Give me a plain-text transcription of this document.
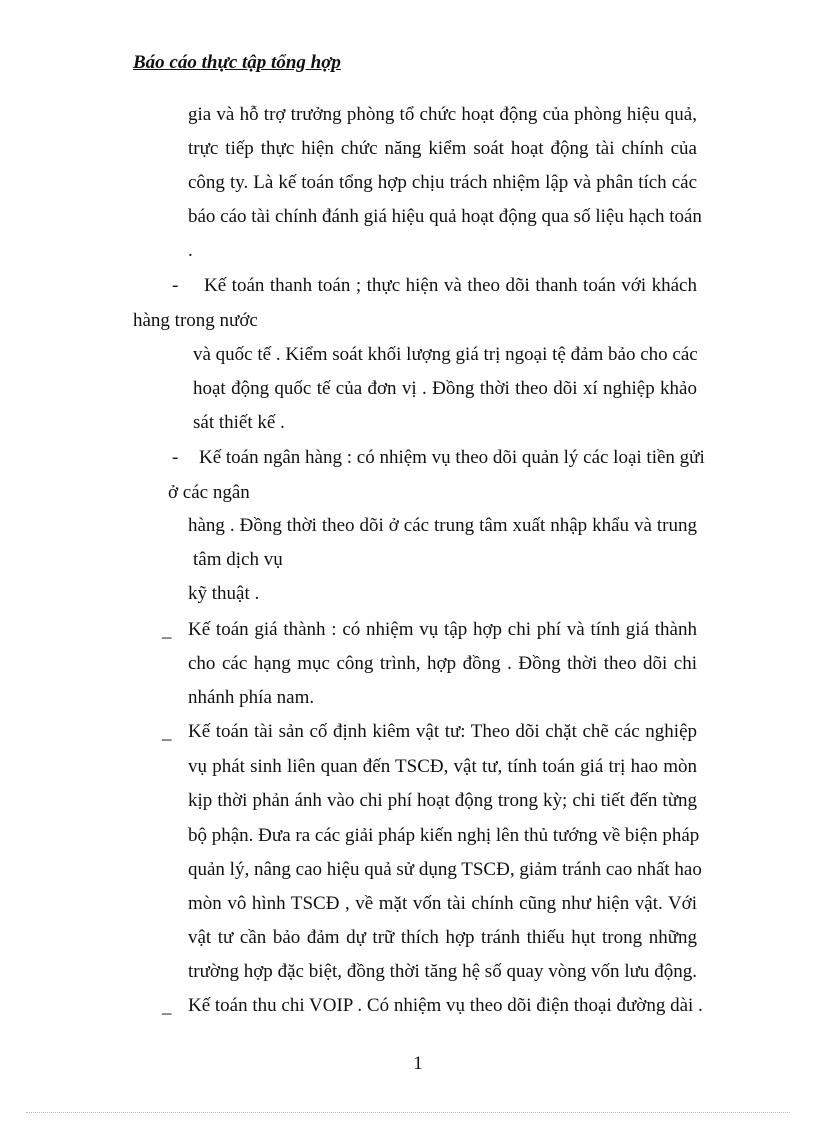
Báo cáo thực tập tổng hợp
gia và hỗ trợ trưởng phòng tổ chức hoạt động của phòng hiệu quả,
trực tiếp thực hiện chức năng kiểm soát hoạt động tài chính của
công ty. Là kế toán tổng hợp chịu trách nhiệm lập và phân tích các
báo cáo tài chính đánh giá hiệu quả hoạt động qua số liệu hạch toán
.
- Kế toán thanh toán ; thực hiện và theo dõi thanh toán với khách
hàng trong nước
và quốc tế . Kiểm soát khối lượng giá trị ngoại tệ đảm bảo cho các
hoạt động quốc tế của đơn vị . Đồng thời theo dõi xí nghiệp khảo
sát thiết kế .
- Kế toán ngân hàng : có nhiệm vụ theo dõi quản lý các loại tiền gửi
ở các ngân
hàng . Đồng thời theo dõi ở các trung tâm xuất nhập khẩu và trung
tâm dịch vụ
kỹ thuật .
_ Kế toán giá thành : có nhiệm vụ tập hợp chi phí và tính giá thành
cho các hạng mục công trình, hợp đồng . Đồng thời theo dõi chi
nhánh phía nam.
_ Kế toán tài sản cố định kiêm vật tư: Theo dõi chặt chẽ các nghiệp
vụ phát sinh liên quan đến TSCĐ, vật tư, tính toán giá trị hao mòn
kịp thời phản ánh vào chi phí hoạt động trong kỳ; chi tiết đến từng
bộ phận. Đưa ra các giải pháp kiến nghị lên thủ tướng về biện pháp
quản lý, nâng cao hiệu quả sử dụng TSCĐ, giảm tránh cao nhất hao
mòn vô hình TSCĐ , về mặt vốn tài chính cũng như hiện vật. Với
vật tư cần bảo đảm dự trữ thích hợp tránh thiếu hụt trong những
trường hợp đặc biệt, đồng thời tăng hệ số quay vòng vốn lưu động.
_ Kế toán thu chi VOIP . Có nhiệm vụ theo dõi điện thoại đường dài .
1
